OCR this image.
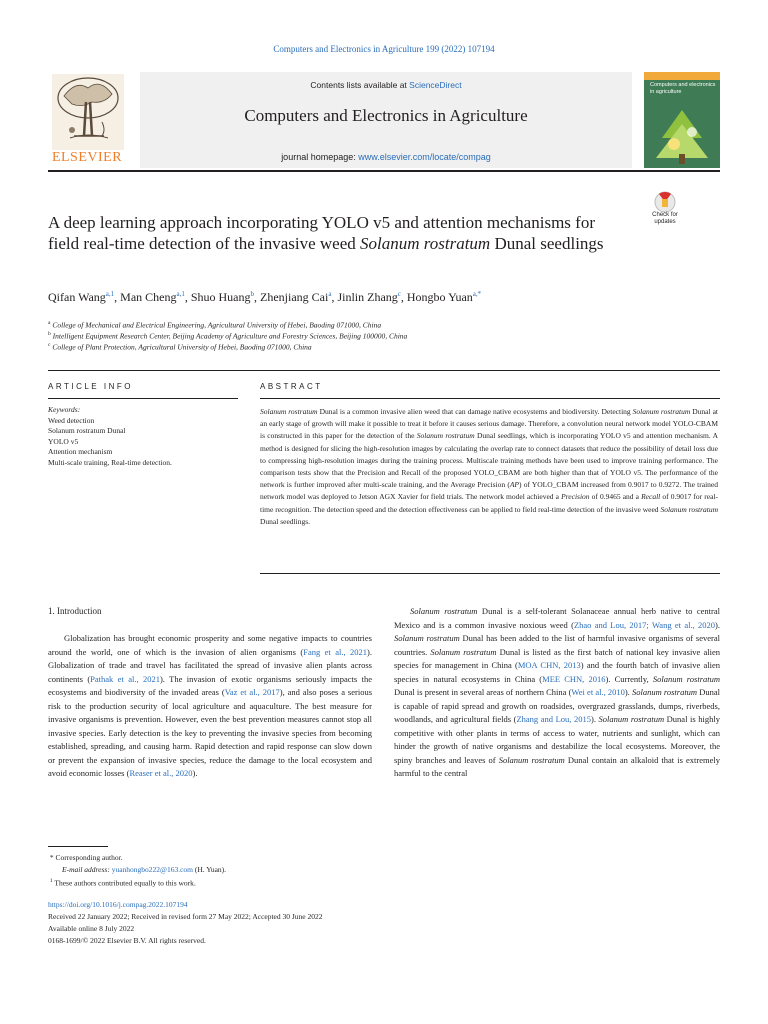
Computers and Electronics in Agriculture 199 (2022) 107194
Contents lists available at ScienceDirect
Computers and Electronics in Agriculture
journal homepage: www.elsevier.com/locate/compag
ELSEVIER
Computers and electronics in agriculture
Check for
updates
A deep learning approach incorporating YOLO v5 and attention mechanisms for field real-time detection of the invasive weed Solanum rostratum Dunal seedlings
Qifan Wang$^{a,1}$, Man Cheng$^{a,1}$, Shuo Huang$^b$, Zhenjiang Cai$^a$, Jinlin Zhang$^c$, Hongbo Yuan$^{a,*}$
$^a$ College of Mechanical and Electrical Engineering, Agricultural University of Hebei, Baoding 071000, China
$^b$ Intelligent Equipment Research Center, Beijing Academy of Agriculture and Forestry Sciences, Beijing 100000, China
$^c$ College of Plant Protection, Agricultural University of Hebei, Baoding 071000, China
ARTICLE INFO
Keywords:
Weed detection
Solanum rostratum Dunal
YOLO v5
Attention mechanism
Multi-scale training, Real-time detection.
ABSTRACT
Solanum rostratum Dunal is a common invasive alien weed that can damage native ecosystems and biodiversity. Detecting Solanum rostratum Dunal at an early stage of growth will make it possible to treat it before it causes serious damage. Therefore, a convolution neural network model YOLO-CBAM is constructed in this paper for the detection of the Solanum rostratum Dunal seedlings, which is incorporating YOLO v5 and attention mechanism. A method is designed for slicing the high-resolution images by calculating the overlap rate to connect datasets that reduce the possibility of detail loss due to compressing high-resolution images during the training process. Multiscale training methods have been used to improve training performance. The comparison tests show that the Precision and Recall of the proposed YOLO_CBAM are both higher than that of YOLO v5. The performance of the network is further improved after multi-scale training, and the Average Precision (AP) of YOLO_CBAM increased from 0.9017 to 0.9272. The trained network model was deployed to Jetson AGX Xavier for field trials. The network model achieved a Precision of 0.9465 and a Recall of 0.9017 for real-time recognition. The detection speed and the detection effectiveness can be applied to field real-time detection of the invasive weed Solanum rostratum Dunal seedlings.
1. Introduction

Globalization has brought economic prosperity and some negative impacts to countries around the world, one of which is the invasion of alien organisms (Fang et al., 2021). Globalization of trade and travel has facilitated the spread of invasive alien plants across continents (Pathak et al., 2021). The invasion of exotic organisms seriously impacts the ecosystems and biodiversity of the invaded areas (Vaz et al., 2017), and also poses a serious risk to the production security of local agriculture and aquaculture. The best measure for invasive organisms is prevention. However, even the best prevention measures cannot stop all invasive species. Early detection is the key to preventing the invasive species from becoming established, spreading, and causing harm. Rapid detection and rapid response can slow down or prevent the expansion of invasive species, reduce the damage to the local ecosystem and avoid economic losses (Reaser et al., 2020).

Solanum rostratum Dunal is a self-tolerant Solanaceae annual herb native to central Mexico and is a common invasive noxious weed (Zhao and Lou, 2017; Wang et al., 2020). Solanum rostratum Dunal has been added to the list of harmful invasive organisms of several countries. Solanum rostratum Dunal is listed as the first batch of national key invasive alien species for management in China (MOA CHN, 2013) and the fourth batch of invasive alien species in natural ecosystems in China (MEE CHN, 2016). Currently, Solanum rostratum Dunal is present in several areas of northern China (Wei et al., 2010). Solanum rostratum Dunal is capable of rapid spread and growth on roadsides, overgrazed grasslands, dumps, riverbeds, woodlands, and agricultural fields (Zhang and Lou, 2015). Solanum rostratum Dunal is highly competitive with other plants in terms of access to water, nutrients and sunlight, which can hinder the growth of native organisms and destabilize the local ecosystems. Moreover, the spiny branches and leaves of Solanum rostratum Dunal contain an alkaloid that is extremely harmful to the central

* Corresponding author.
E-mail address: yuanhongbo222@163.com (H. Yuan).
$^1$ These authors contributed equally to this work.
https://doi.org/10.1016/j.compag.2022.107194
Received 22 January 2022; Received in revised form 27 May 2022; Accepted 30 June 2022
Available online 8 July 2022
0168-1699/© 2022 Elsevier B.V. All rights reserved.
